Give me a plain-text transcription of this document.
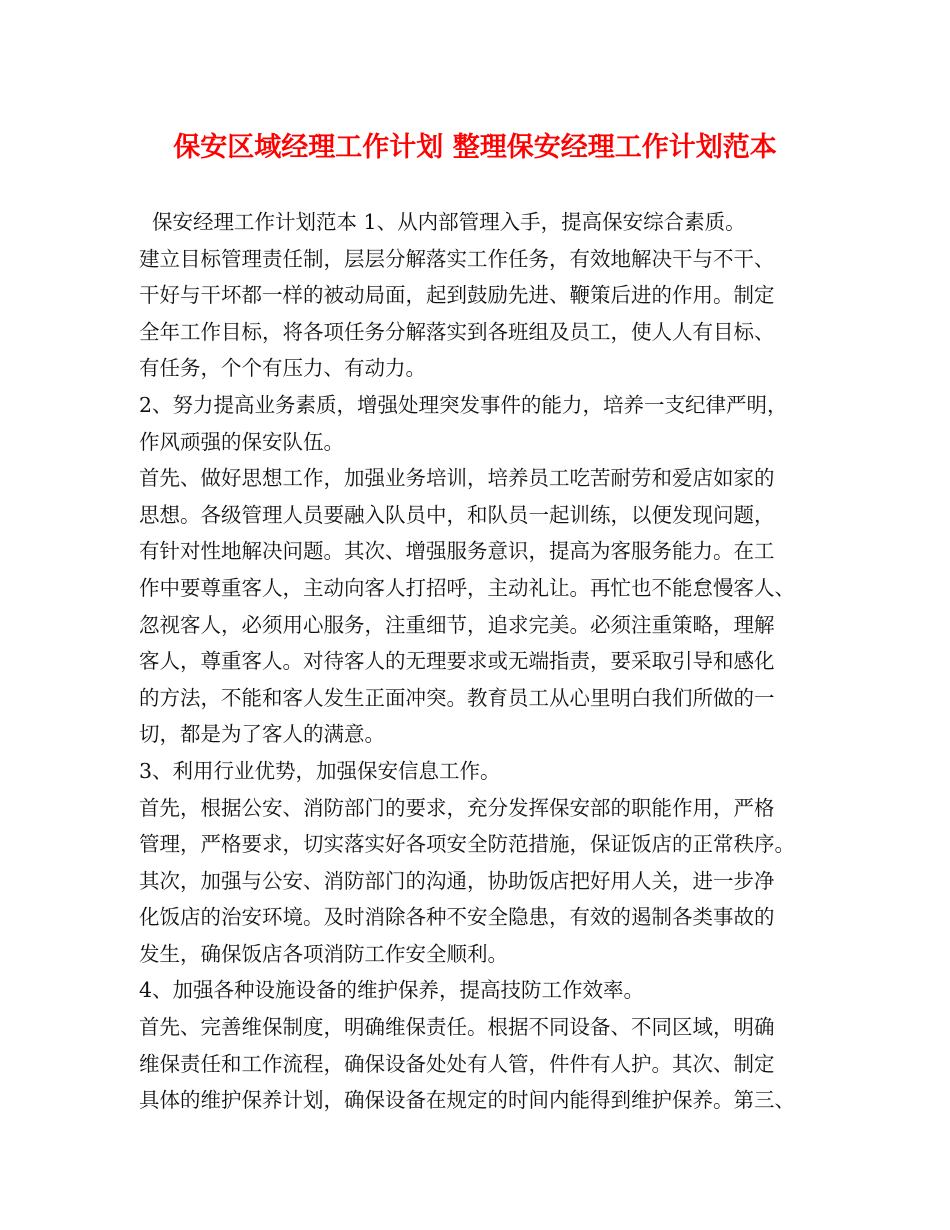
保安区域经理工作计划 整理保安经理工作计划范本
保安经理工作计划范本 1、从内部管理入手，提高保安综合素质。
建立目标管理责任制，层层分解落实工作任务，有效地解决干与不干、
干好与干坏都一样的被动局面，起到鼓励先进、鞭策后进的作用。制定
全年工作目标，将各项任务分解落实到各班组及员工，使人人有目标、
有任务，个个有压力、有动力。
2、努力提高业务素质，增强处理突发事件的能力，培养一支纪律严明，
作风顽强的保安队伍。
首先、做好思想工作，加强业务培训，培养员工吃苦耐劳和爱店如家的
思想。各级管理人员要融入队员中，和队员一起训练，以便发现问题，
有针对性地解决问题。其次、增强服务意识，提高为客服务能力。在工
作中要尊重客人，主动向客人打招呼，主动礼让。再忙也不能怠慢客人、
忽视客人，必须用心服务，注重细节，追求完美。必须注重策略，理解
客人，尊重客人。对待客人的无理要求或无端指责，要采取引导和感化
的方法，不能和客人发生正面冲突。教育员工从心里明白我们所做的一
切，都是为了客人的满意。
3、利用行业优势，加强保安信息工作。
首先，根据公安、消防部门的要求，充分发挥保安部的职能作用，严格
管理，严格要求，切实落实好各项安全防范措施，保证饭店的正常秩序。
其次，加强与公安、消防部门的沟通，协助饭店把好用人关，进一步净
化饭店的治安环境。及时消除各种不安全隐患，有效的遏制各类事故的
发生，确保饭店各项消防工作安全顺利。
4、加强各种设施设备的维护保养，提高技防工作效率。
首先、完善维保制度，明确维保责任。根据不同设备、不同区域，明确
维保责任和工作流程，确保设备处处有人管，件件有人护。其次、制定
具体的维护保养计划，确保设备在规定的时间内能得到维护保养。第三、
